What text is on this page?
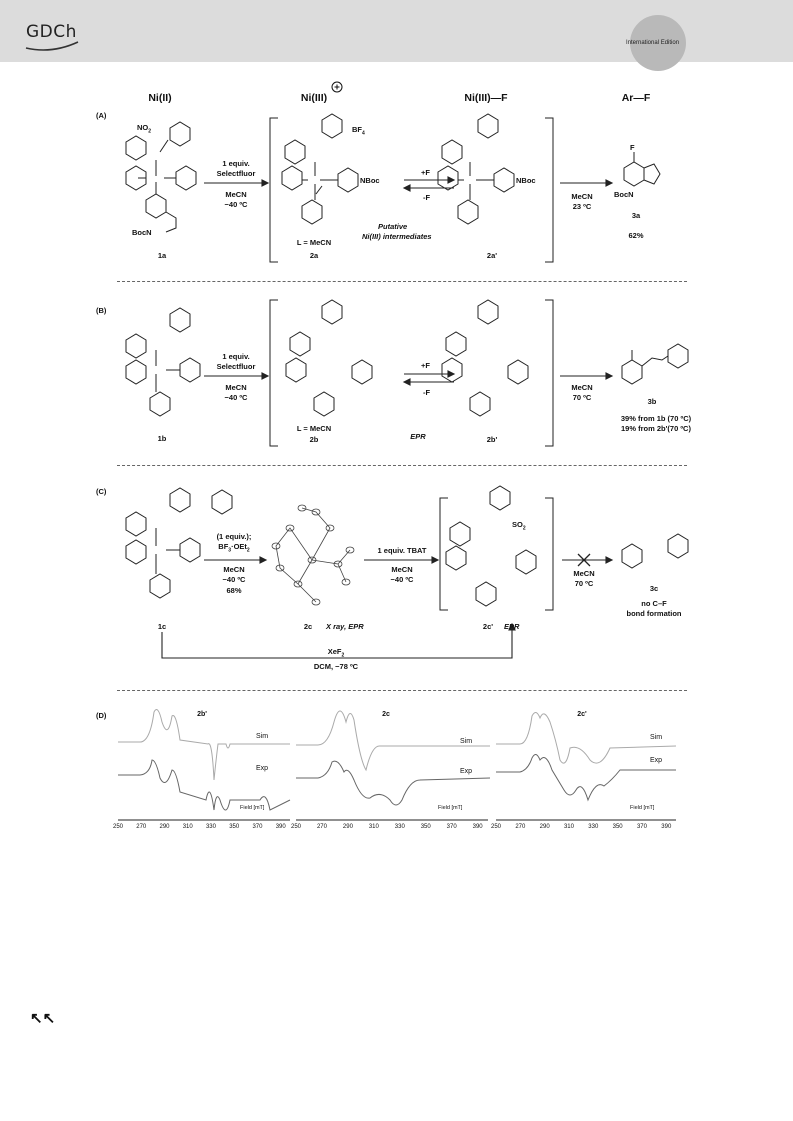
GDCh
International Edition
Ni(II)	Ni(III)	Ni(III)—F	Ar—F
(A)
$NO_2$
1 equiv.
Selectfluor
MeCN
−40 ºC
BocN
1a
$BF_4$
NBoc	NBoc
L = MeCN
2a
Putative
Ni(III) intermediates
+F
-F
2a'
MeCN
23 ºC
F
BocN
3a
62%
(B)
1 equiv.
Selectfluor
MeCN
−40 ºC
1b
L = MeCN
2b	EPR
+F
-F
2b'
MeCN
70 ºC	3b
39% from 1b (70 ºC)
19% from 2b'(70 ºC)
(C)
(1 equiv.);
$BF_3\cdot OEt_2$
MeCN
−40 ºC
68%
1c	2c X ray, EPR
1 equiv. TBAT
MeCN
−40 ºC
$SO_2$
2c' EPR
MeCN
70 ºC
3c
no C–F
bond formation
XeF$_2$
DCM, −78 ºC
(D)	2b'
Sim
Exp
Field [mT]
2c
Sim
Exp
Field [mT]
2c'
Sim
Exp
Field [mT]
250 270 290 310 330 350 370 390 250	270	290	310	330	350	370	390 250 270 290 310 330 350 370 390
↖↖
